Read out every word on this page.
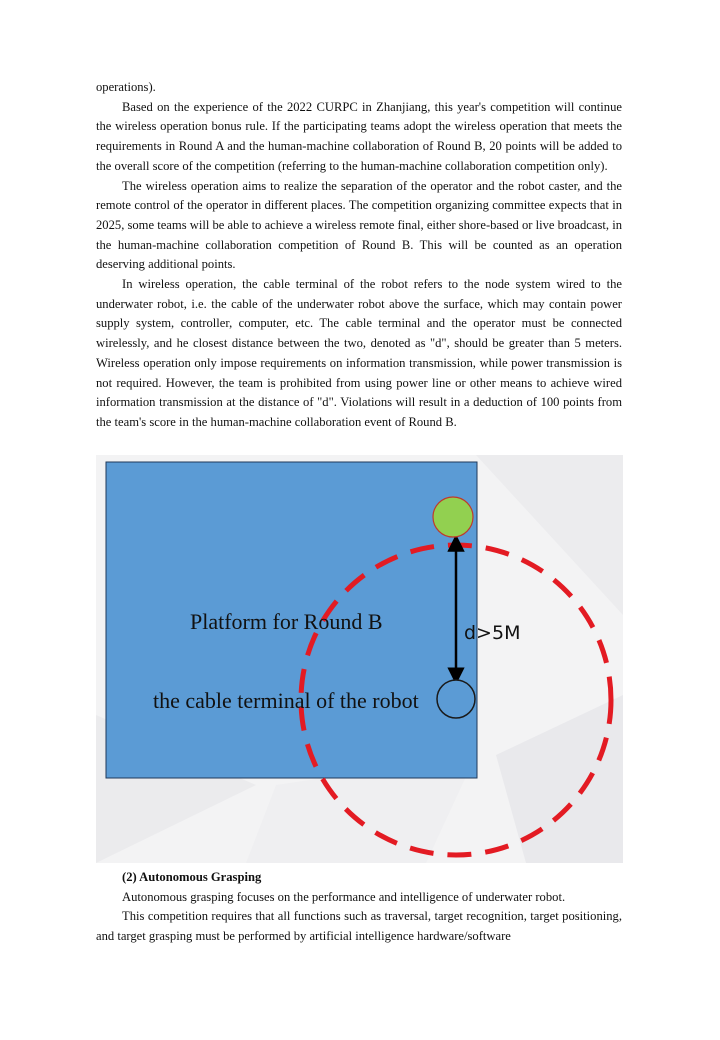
operations).

Based on the experience of the 2022 CURPC in Zhanjiang, this year's competition will continue the wireless operation bonus rule. If the participating teams adopt the wireless operation that meets the requirements in Round A and the human-machine collaboration of Round B, 20 points will be added to the overall score of the competition (referring to the human-machine collaboration competition only).

The wireless operation aims to realize the separation of the operator and the robot caster, and the remote control of the operator in different places. The competition organizing committee expects that in 2025, some teams will be able to achieve a wireless remote final, either shore-based or live broadcast, in the human-machine collaboration competition of Round B. This will be counted as an operation deserving additional points.

In wireless operation, the cable terminal of the robot refers to the node system wired to the underwater robot, i.e. the cable of the underwater robot above the surface, which may contain power supply system, controller, computer, etc. The cable terminal and the operator must be connected wirelessly, and he closest distance between the two, denoted as "d", should be greater than 5 meters. Wireless operation only impose requirements on information transmission, while power transmission is not required. However, the team is prohibited from using power line or other means to achieve wired information transmission at the distance of "d". Violations will result in a deduction of 100 points from the team's score in the human-machine collaboration event of Round B.

Platform for Round B
the cable terminal of the robot
d>5M

(2) Autonomous Grasping

Autonomous grasping focuses on the performance and intelligence of underwater robot.

This competition requires that all functions such as traversal, target recognition, target positioning, and target grasping must be performed by artificial intelligence hardware/software
